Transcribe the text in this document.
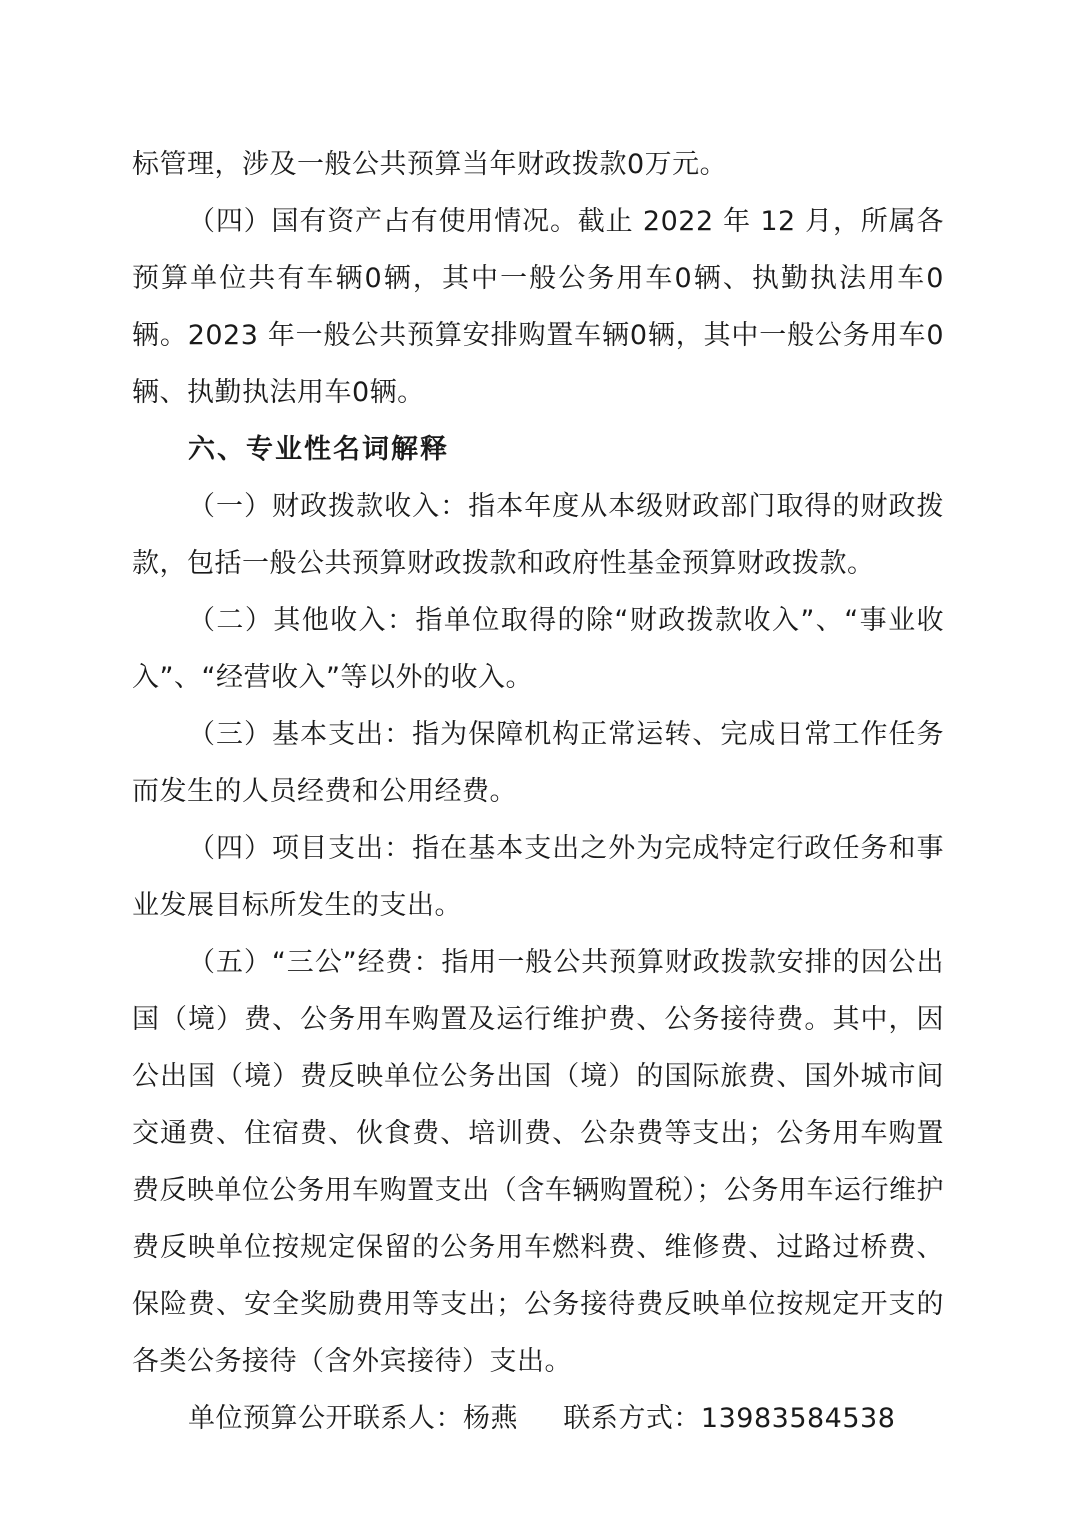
标管理，涉及一般公共预算当年财政拨款0万元。

（四）国有资产占有使用情况。截止 2022 年 12 月，所属各预算单位共有车辆0辆，其中一般公务用车0辆、执勤执法用车0辆。2023 年一般公共预算安排购置车辆0辆，其中一般公务用车0辆、执勤执法用车0辆。

六、专业性名词解释

（一）财政拨款收入：指本年度从本级财政部门取得的财政拨款，包括一般公共预算财政拨款和政府性基金预算财政拨款。

（二）其他收入：指单位取得的除“财政拨款收入”、“事业收入”、“经营收入”等以外的收入。

（三）基本支出：指为保障机构正常运转、完成日常工作任务而发生的人员经费和公用经费。

（四）项目支出：指在基本支出之外为完成特定行政任务和事业发展目标所发生的支出。

（五）“三公”经费：指用一般公共预算财政拨款安排的因公出国（境）费、公务用车购置及运行维护费、公务接待费。其中，因公出国（境）费反映单位公务出国（境）的国际旅费、国外城市间交通费、住宿费、伙食费、培训费、公杂费等支出；公务用车购置费反映单位公务用车购置支出（含车辆购置税）；公务用车运行维护费反映单位按规定保留的公务用车燃料费、维修费、过路过桥费、保险费、安全奖励费用等支出；公务接待费反映单位按规定开支的各类公务接待（含外宾接待）支出。

单位预算公开联系人：杨燕 联系方式：13983584538
